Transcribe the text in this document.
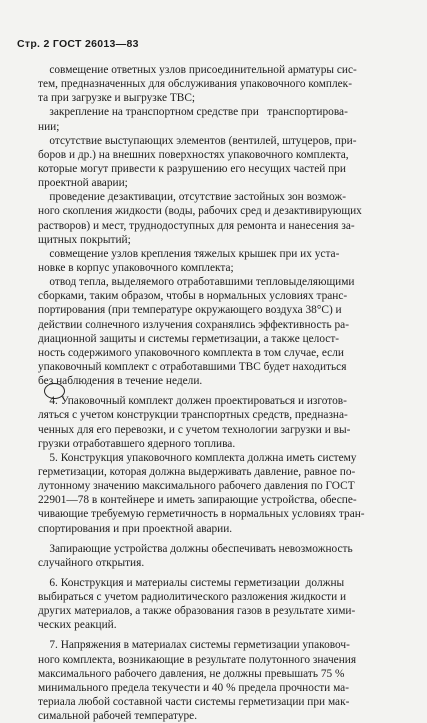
Стр. 2 ГОСТ 26013—83
совмещение ответных узлов присоединительной арматуры сис-
тем, предназначенных для обслуживания упаковочного комплек-
та при загрузке и выгрузке ТВС;
закрепление на транспортном средстве при   транспортирова-
нии;
отсутствие выступающих элементов (вентилей, штуцеров, при-
боров и др.) на внешних поверхностях упаковочного комплекта,
которые могут привести к разрушению его несущих частей при
проектной аварии;
проведение дезактивации, отсутствие застойных зон возмож-
ного скопления жидкости (воды, рабочих сред и дезактивирующих
растворов) и мест, труднодоступных для ремонта и нанесения за-
щитных покрытий;
совмещение узлов крепления тяжелых крышек при их уста-
новке в корпус упаковочного комплекта;
отвод тепла, выделяемого отработавшими тепловыделяющими
сборками, таким образом, чтобы в нормальных условиях транс-
портирования (при температуре окружающего воздуха 38°С) и
действии солнечного излучения сохранялись эффективность ра-
диационной защиты и системы герметизации, а также целост-
ность содержимого упаковочного комплекта в том случае, если
упаковочный комплект с отработавшими ТВС будет находиться
без наблюдения в течение недели.
4. Упаковочный комплект должен проектироваться и изготов-
ляться с учетом конструкции транспортных средств, предназна-
ченных для его перевозки, и с учетом технологии загрузки и вы-
грузки отработавшего ядерного топлива.
5. Конструкция упаковочного комплекта должна иметь систему
герметизации, которая должна выдерживать давление, равное по-
лутонному значению максимального рабочего давления по ГОСТ
22901—78 в контейнере и иметь запирающие устройства, обеспе-
чивающие требуемую герметичность в нормальных условиях тран-
спортирования и при проектной аварии.
Запирающие устройства должны обеспечивать невозможность
случайного открытия.
6. Конструкция и материалы системы герметизации  должны
выбираться с учетом радиолитического разложения жидкости и
других материалов, а также образования газов в результате хими-
ческих реакций.
7. Напряжения в материалах системы герметизации упаковоч-
ного комплекта, возникающие в результате полутонного значения
максимального рабочего давления, не должны превышать 75 %
минимального предела текучести и 40 % предела прочности ма-
териала любой составной части системы герметизации при мак-
симальной рабочей температуре.
